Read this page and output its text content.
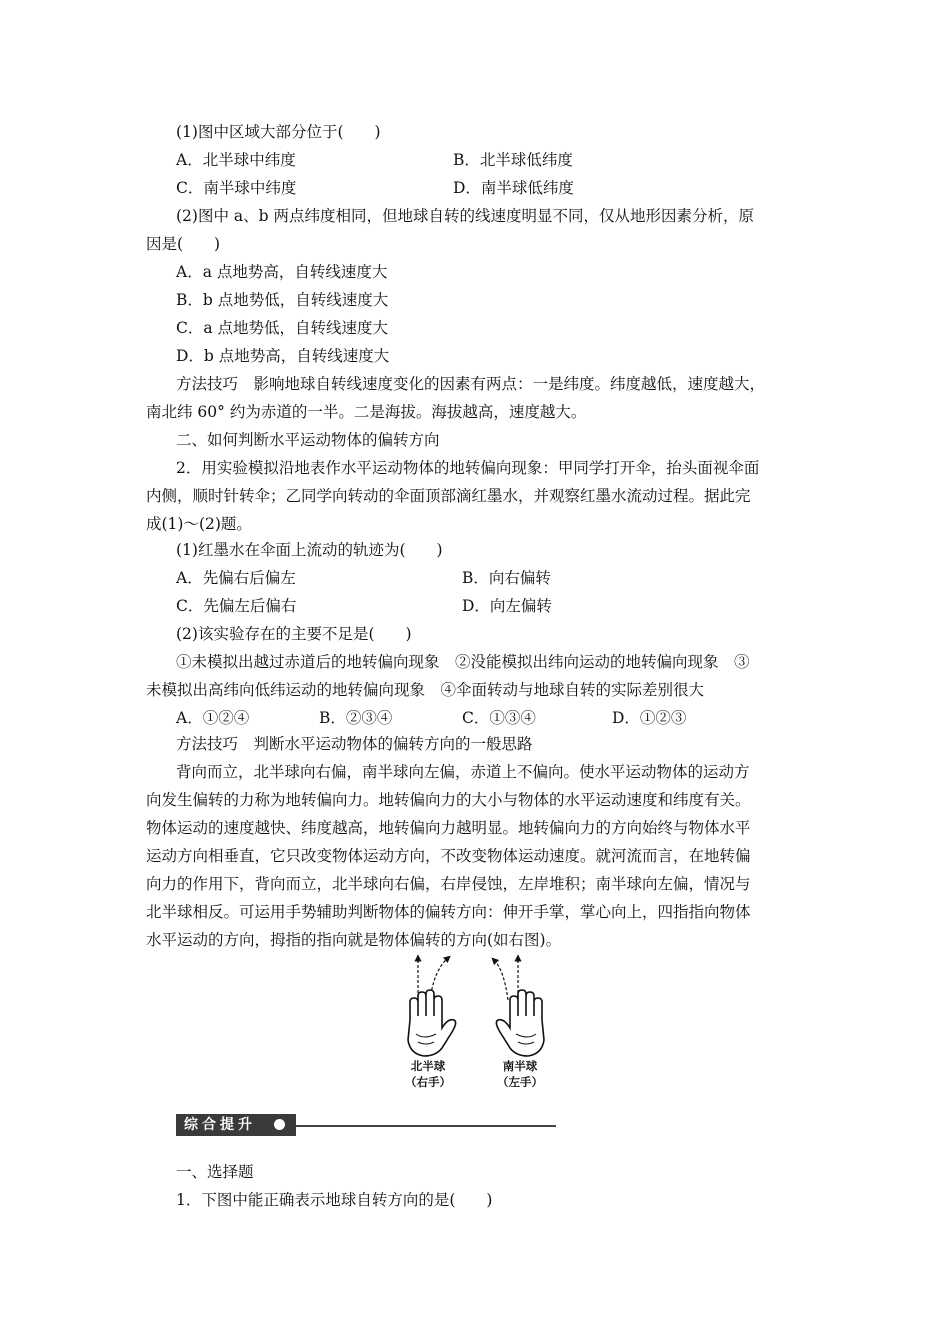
(1)图中区域大部分位于(　　)
A．北半球中纬度	B．北半球低纬度
C．南半球中纬度	D．南半球低纬度
(2)图中 a、b 两点纬度相同，但地球自转的线速度明显不同，仅从地形因素分析，原
因是(　　)
A．a 点地势高，自转线速度大
B．b 点地势低，自转线速度大
C．a 点地势低，自转线速度大
D．b 点地势高，自转线速度大
方法技巧　影响地球自转线速度变化的因素有两点：一是纬度。纬度越低，速度越大，
南北纬 60° 约为赤道的一半。二是海拔。海拔越高，速度越大。
二、如何判断水平运动物体的偏转方向
2．用实验模拟沿地表作水平运动物体的地转偏向现象：甲同学打开伞，抬头面视伞面
内侧，顺时针转伞；乙同学向转动的伞面顶部滴红墨水，并观察红墨水流动过程。据此完
成(1)～(2)题。
(1)红墨水在伞面上流动的轨迹为(　　)
A．先偏右后偏左	B．向右偏转
C．先偏左后偏右	D．向左偏转
(2)该实验存在的主要不足是(　　)
①未模拟出越过赤道后的地转偏向现象　②没能模拟出纬向运动的地转偏向现象　③
未模拟出高纬向低纬运动的地转偏向现象　④伞面转动与地球自转的实际差别很大
A．①②④	B．②③④	C．①③④	D．①②③
方法技巧　判断水平运动物体的偏转方向的一般思路
背向而立，北半球向右偏，南半球向左偏，赤道上不偏向。使水平运动物体的运动方
向发生偏转的力称为地转偏向力。地转偏向力的大小与物体的水平运动速度和纬度有关。
物体运动的速度越快、纬度越高，地转偏向力越明显。地转偏向力的方向始终与物体水平
运动方向相垂直，它只改变物体运动方向，不改变物体运动速度。就河流而言，在地转偏
向力的作用下，背向而立，北半球向右偏，右岸侵蚀，左岸堆积；南半球向左偏，情况与
北半球相反。可运用手势辅助判断物体的偏转方向：伸开手掌，掌心向上，四指指向物体
水平运动的方向，拇指的指向就是物体偏转的方向(如右图)。
北半球
（右手）
南半球
（左手）
综合提升
一、选择题
1．下图中能正确表示地球自转方向的是(　　)
